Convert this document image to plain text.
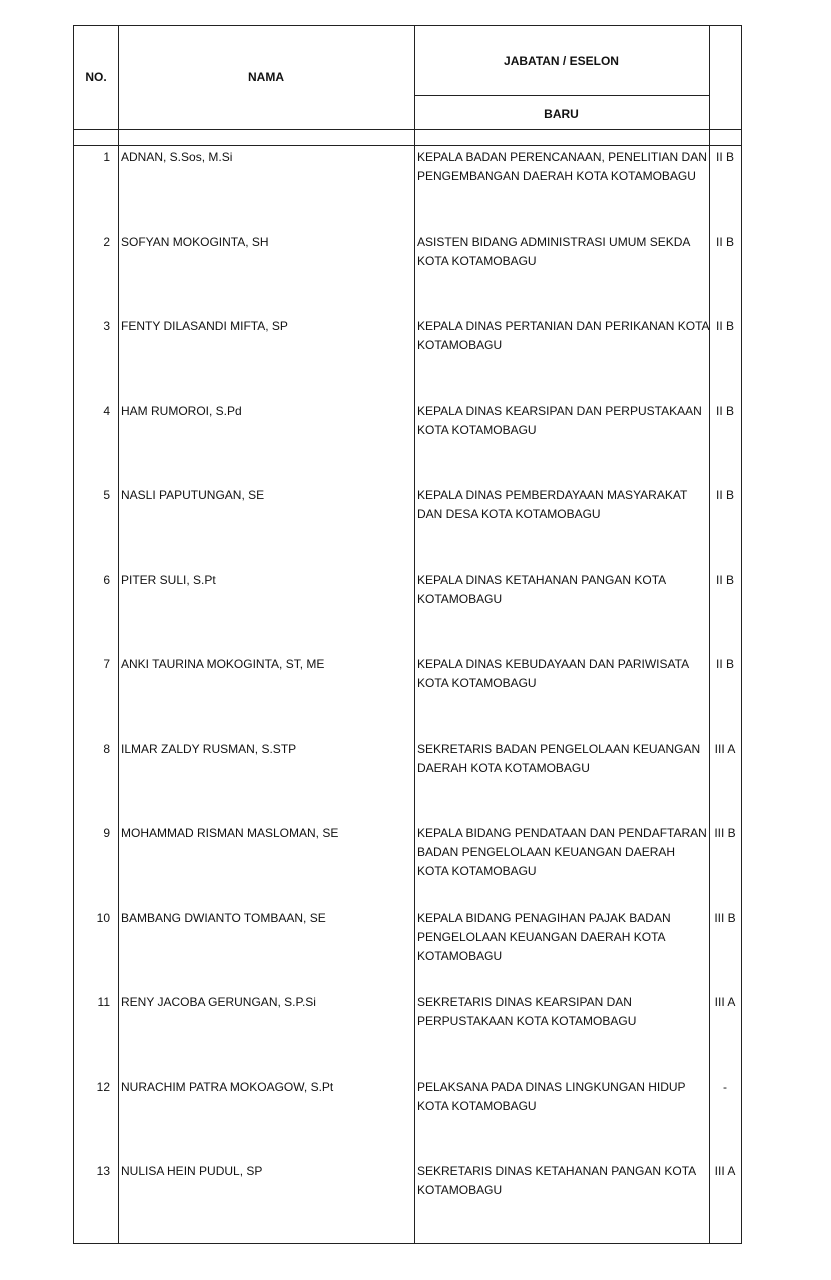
NO.	NAMA
JABATAN / ESELON
BARU
1 ADNAN, S.Sos, M.Si	KEPALA BADAN PERENCANAAN, PENELITIAN DAN PENGEMBANGAN DAERAH KOTA KOTAMOBAGU
II B
2 SOFYAN MOKOGINTA, SH	ASISTEN BIDANG ADMINISTRASI UMUM SEKDA KOTA KOTAMOBAGU
II B
3 FENTY DILASANDI MIFTA, SP	KEPALA DINAS PERTANIAN DAN PERIKANAN KOTA KOTAMOBAGU
II B
4 HAM RUMOROI, S.Pd	KEPALA DINAS KEARSIPAN DAN PERPUSTAKAAN KOTA KOTAMOBAGU
II B
5 NASLI PAPUTUNGAN, SE	KEPALA DINAS PEMBERDAYAAN MASYARAKAT DAN DESA KOTA KOTAMOBAGU
II B
6 PITER SULI, S.Pt	KEPALA DINAS KETAHANAN PANGAN KOTA KOTAMOBAGU
II B
7 ANKI TAURINA MOKOGINTA, ST, ME	KEPALA DINAS KEBUDAYAAN DAN PARIWISATA KOTA KOTAMOBAGU
II B
8 ILMAR ZALDY RUSMAN, S.STP	SEKRETARIS BADAN PENGELOLAAN KEUANGAN DAERAH KOTA KOTAMOBAGU
III A
9 MOHAMMAD RISMAN MASLOMAN, SE	KEPALA BIDANG PENDATAAN DAN PENDAFTARAN BADAN PENGELOLAAN KEUANGAN DAERAH KOTA KOTAMOBAGU
III B
10 BAMBANG DWIANTO TOMBAAN, SE	KEPALA BIDANG PENAGIHAN PAJAK BADAN PENGELOLAAN KEUANGAN DAERAH KOTA KOTAMOBAGU
III B
11 RENY JACOBA GERUNGAN, S.P.Si	SEKRETARIS DINAS KEARSIPAN DAN PERPUSTAKAAN KOTA KOTAMOBAGU
III A
12 NURACHIM PATRA MOKOAGOW, S.Pt	PELAKSANA PADA DINAS LINGKUNGAN HIDUP KOTA KOTAMOBAGU
-
13 NULISA HEIN PUDUL, SP	SEKRETARIS DINAS KETAHANAN PANGAN KOTA KOTAMOBAGU
III A
